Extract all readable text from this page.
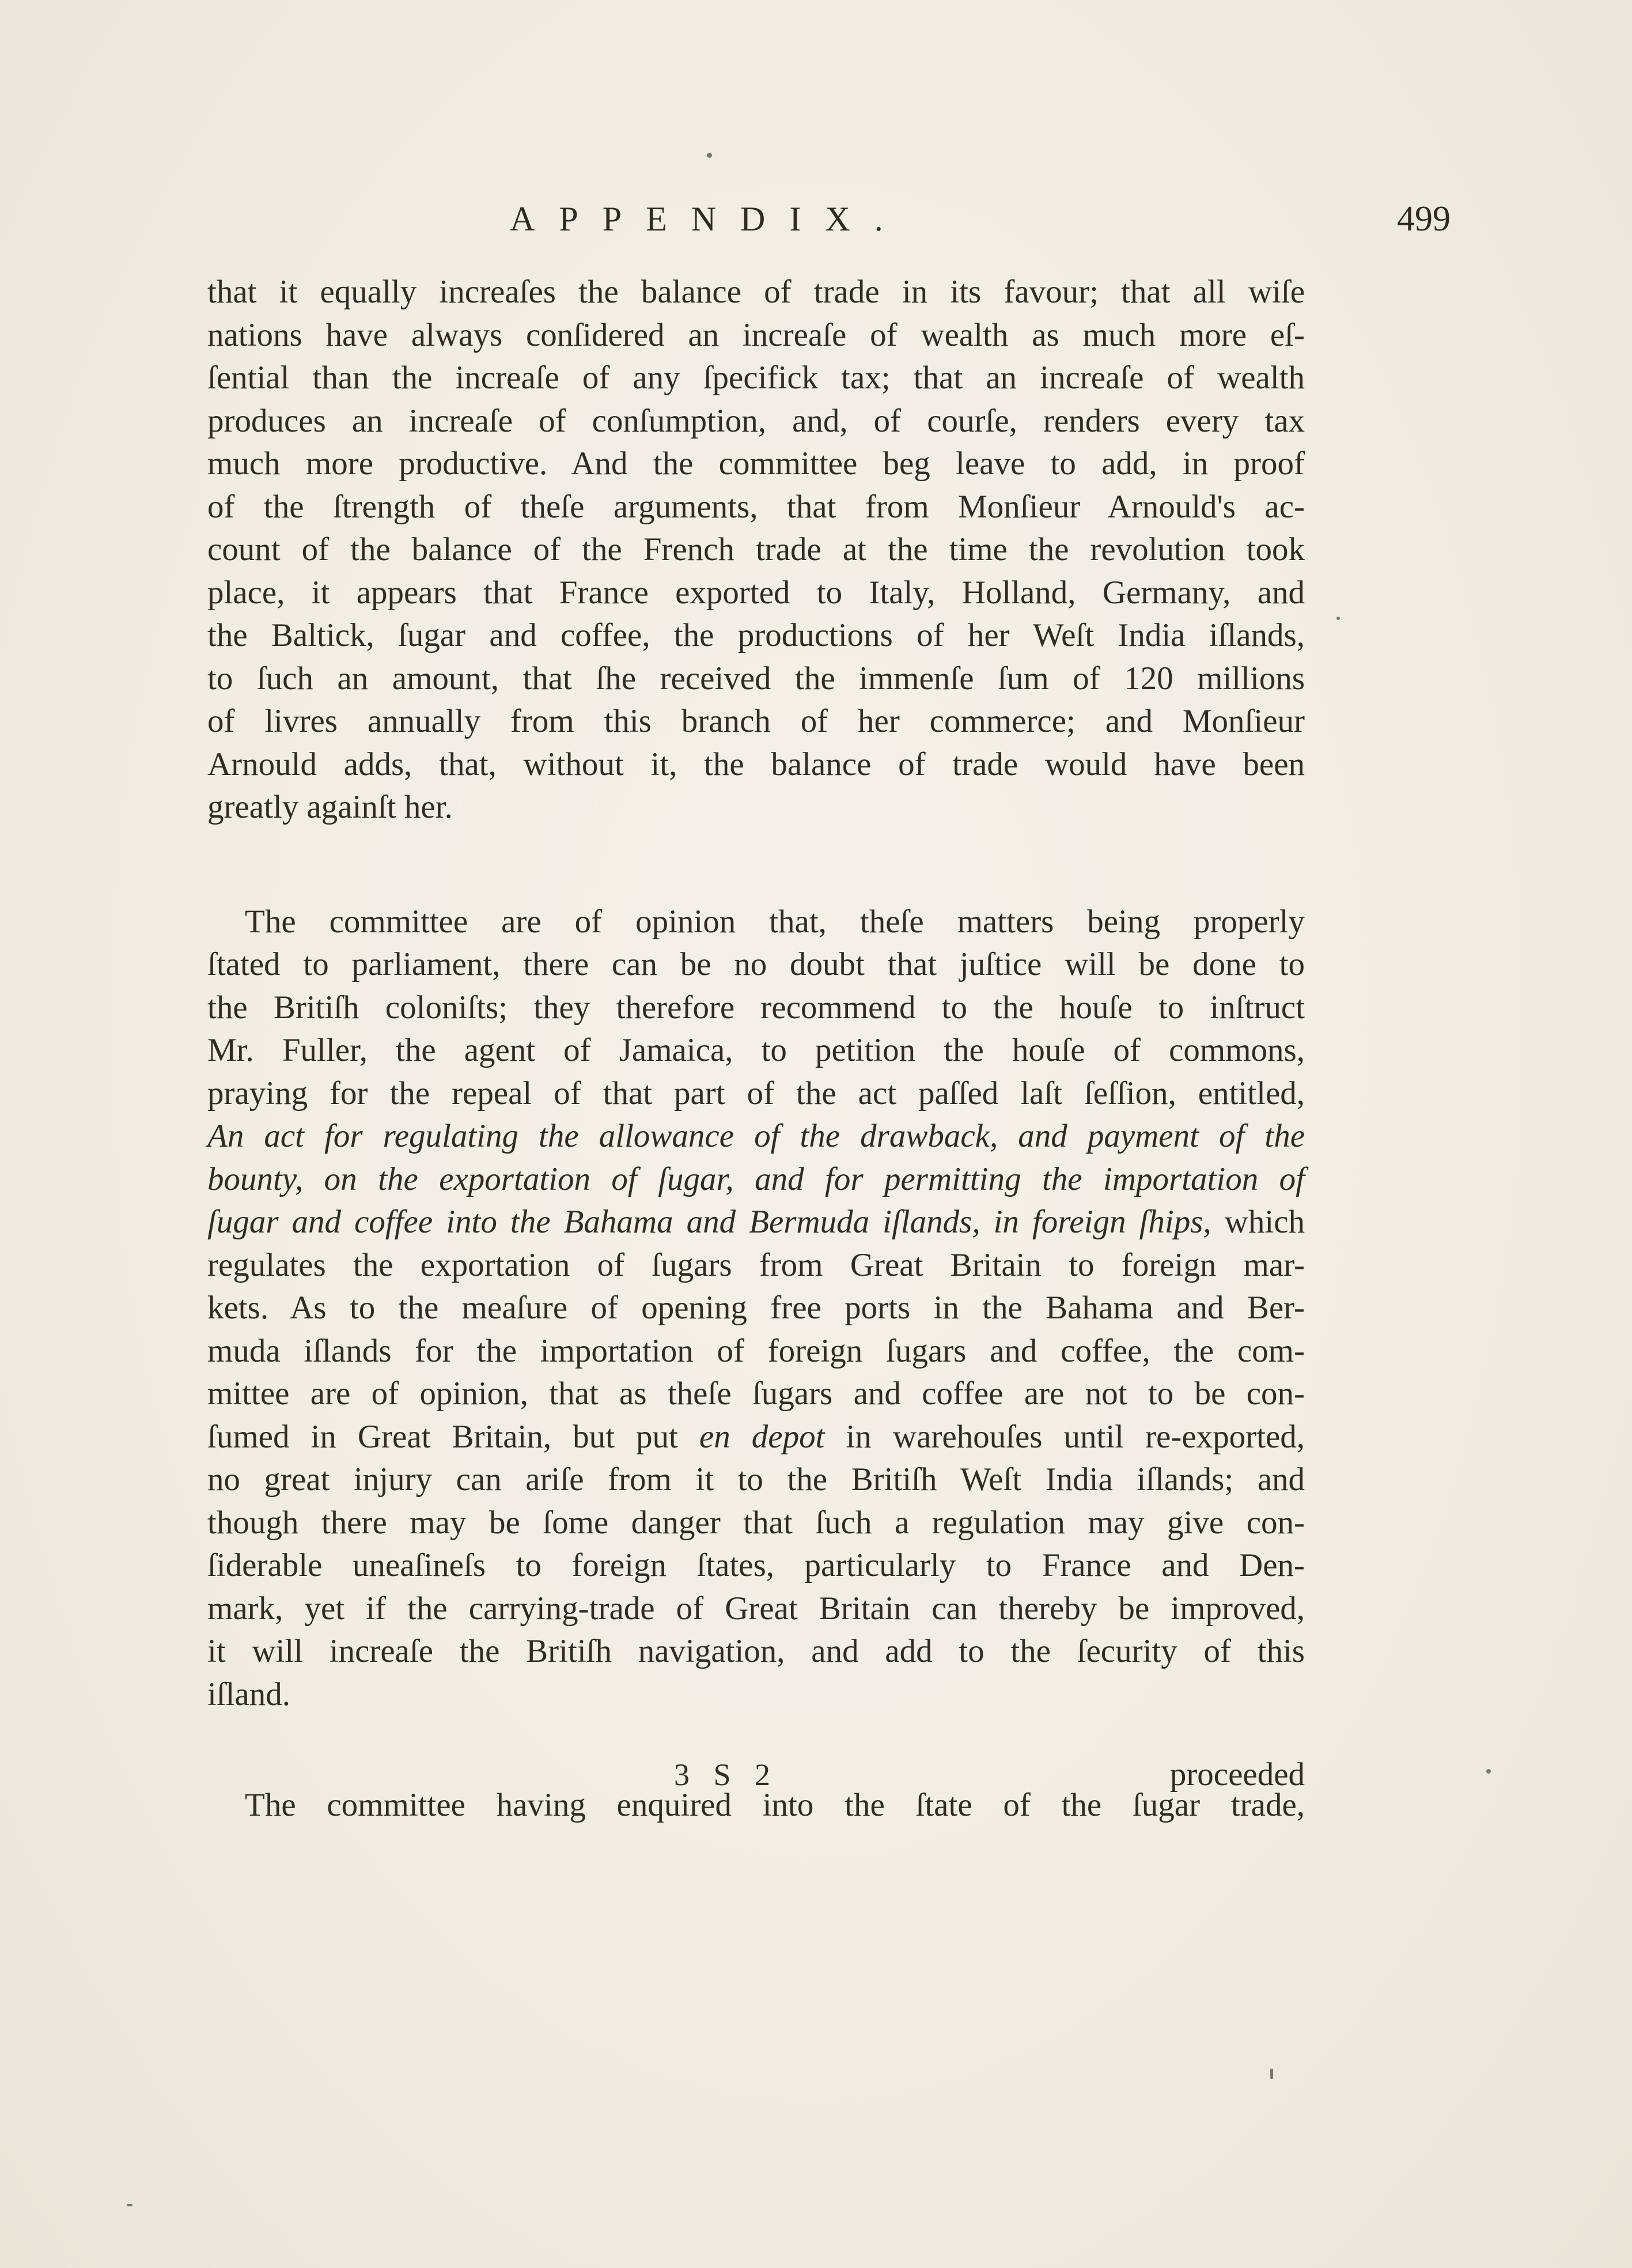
APPENDIX.	499
that it equally increaſes the balance of trade in its favour; that all wiſe
nations have always conſidered an increaſe of wealth as much more eſ-
ſential than the increaſe of any ſpecifick tax; that an increaſe of wealth
produces an increaſe of conſumption, and, of courſe, renders every tax
much more productive. And the committee beg leave to add, in proof
of the ſtrength of theſe arguments, that from Monſieur Arnould's ac-
count of the balance of the French trade at the time the revolution took
place, it appears that France exported to Italy, Holland, Germany, and
the Baltick, ſugar and coffee, the productions of her Weſt India iſlands,
to ſuch an amount, that ſhe received the immenſe ſum of 120 millions
of livres annually from this branch of her commerce; and Monſieur
Arnould adds, that, without it, the balance of trade would have been
greatly againſt her.
The committee are of opinion that, theſe matters being properly
ſtated to parliament, there can be no doubt that juſtice will be done to
the Britiſh coloniſts; they therefore recommend to the houſe to inſtruct
Mr. Fuller, the agent of Jamaica, to petition the houſe of commons,
praying for the repeal of that part of the act paſſed laſt ſeſſion, entitled,
An act for regulating the allowance of the drawback, and payment of the
bounty, on the exportation of ſugar, and for permitting the importation of
ſugar and coffee into the Bahama and Bermuda iſlands, in foreign ſhips, which
regulates the exportation of ſugars from Great Britain to foreign mar-
kets. As to the meaſure of opening free ports in the Bahama and Ber-
muda iſlands for the importation of foreign ſugars and coffee, the com-
mittee are of opinion, that as theſe ſugars and coffee are not to be con-
ſumed in Great Britain, but put en depot in warehouſes until re-exported,
no great injury can ariſe from it to the Britiſh Weſt India iſlands; and
though there may be ſome danger that ſuch a regulation may give con-
ſiderable uneaſineſs to foreign ſtates, particularly to France and Den-
mark, yet if the carrying-trade of Great Britain can thereby be improved,
it will increaſe the Britiſh navigation, and add to the ſecurity of this
iſland.
The committee having enquired into the ſtate of the ſugar trade,
3 S 2	proceeded
